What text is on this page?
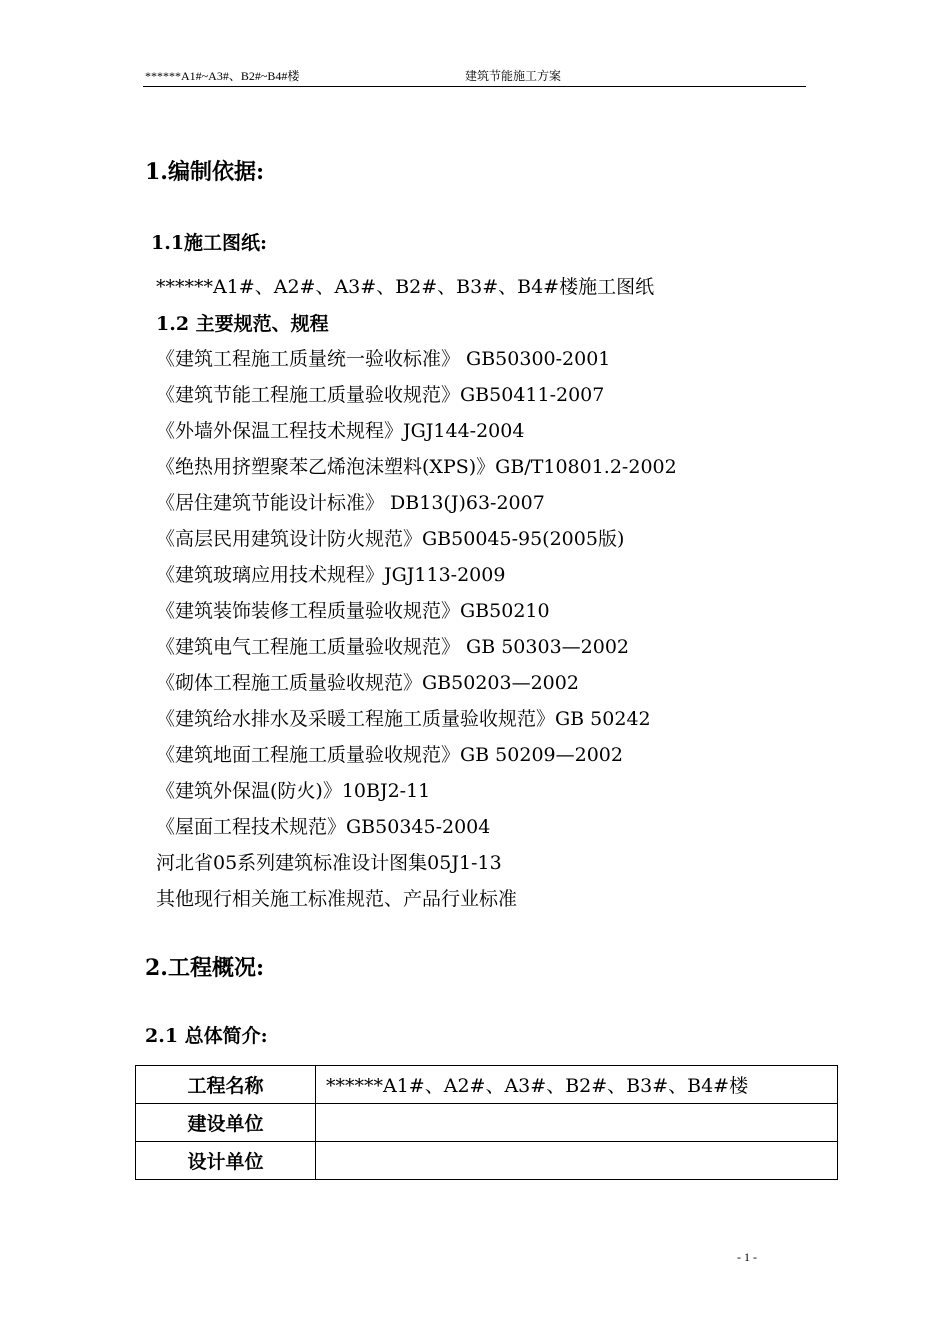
******A1#~A3#、B2#~B4#楼	建筑节能施工方案
1.编制依据:
1.1施工图纸:
******A1#、A2#、A3#、B2#、B3#、B4#楼施工图纸
1.2 主要规范、规程
《建筑工程施工质量统一验收标准》 GB50300-2001
《建筑节能工程施工质量验收规范》GB50411-2007
《外墙外保温工程技术规程》JGJ144-2004
《绝热用挤塑聚苯乙烯泡沫塑料(XPS)》GB/T10801.2-2002
《居住建筑节能设计标准》 DB13(J)63-2007
《高层民用建筑设计防火规范》GB50045-95(2005版)
《建筑玻璃应用技术规程》JGJ113-2009
《建筑装饰装修工程质量验收规范》GB50210
《建筑电气工程施工质量验收规范》 GB 50303—2002
《砌体工程施工质量验收规范》GB50203—2002
《建筑给水排水及采暖工程施工质量验收规范》GB 50242
《建筑地面工程施工质量验收规范》GB 50209—2002
《建筑外保温(防火)》10BJ2-11
《屋面工程技术规范》GB50345-2004
河北省05系列建筑标准设计图集05J1-13
其他现行相关施工标准规范、产品行业标准
2.工程概况:
2.1 总体简介:
工程名称	******A1#、A2#、A3#、B2#、B3#、B4#楼
建设单位	
设计单位	
- 1 -
